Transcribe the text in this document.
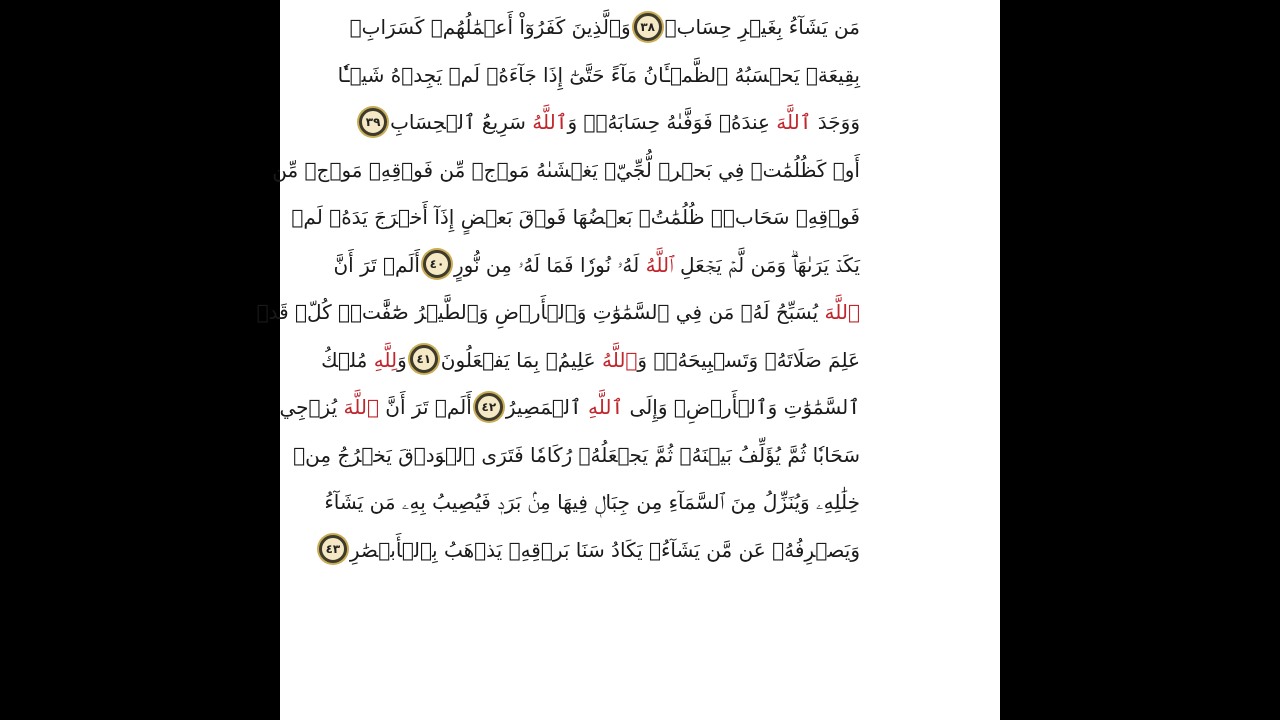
مَن يَشَآءُ بِغَيۡرِ حِسَابٖ
٣٨
وَٱلَّذِينَ كَفَرُوٓاْ أَعۡمَٰلُهُمۡ كَسَرَابِۢ
بِقِيعَةٖ يَحۡسَبُهُ ٱلظَّمۡـَٔانُ مَآءً حَتَّىٰٓ إِذَا جَآءَهُۥ لَمۡ يَجِدۡهُ شَيۡـٔٗا
وَوَجَدَ ٱللَّهَ عِندَهُۥ فَوَفَّىٰهُ حِسَابَهُۥۗ وَٱللَّهُ سَرِيعُ ٱلۡحِسَابِ
٣٩
أَوۡ كَظُلُمَٰتٖ فِي بَحۡرٖ لُّجِّيّٖ يَغۡشَىٰهُ مَوۡجٞ مِّن فَوۡقِهِۦ مَوۡجٞ مِّن
فَوۡقِهِۦ سَحَابٞۚ ظُلُمَٰتُۢ بَعۡضُهَا فَوۡقَ بَعۡضٍ إِذَآ أَخۡرَجَ يَدَهُۥ لَمۡ
يَكَدۡ يَرَىٰهَاۗ وَمَن لَّمۡ يَجۡعَلِ ٱللَّهُ لَهُۥ نُورٗا فَمَا لَهُۥ مِن نُّورٍ
٤٠
أَلَمۡ تَرَ أَنَّ
ٱللَّهَ يُسَبِّحُ لَهُۥ مَن فِي ٱلسَّمَٰوَٰتِ وَٱلۡأَرۡضِ وَٱلطَّيۡرُ صَٰٓفَّٰتٖۖ كُلّٞ قَدۡ
عَلِمَ صَلَاتَهُۥ وَتَسۡبِيحَهُۥۗ وَٱللَّهُ عَلِيمُۢ بِمَا يَفۡعَلُونَ
٤١
وَلِلَّهِ مُلۡكُ
ٱلسَّمَٰوَٰتِ وَٱلۡأَرۡضِۖ وَإِلَى ٱللَّهِ ٱلۡمَصِيرُ
٤٢
أَلَمۡ تَرَ أَنَّ ٱللَّهَ يُزۡجِي
سَحَابٗا ثُمَّ يُؤَلِّفُ بَيۡنَهُۥ ثُمَّ يَجۡعَلُهُۥ رُكَامٗا فَتَرَى ٱلۡوَدۡقَ يَخۡرُجُ مِنۡ
خِلَٰلِهِۦ وَيُنَزِّلُ مِنَ ٱلسَّمَآءِ مِن جِبَالٖ فِيهَا مِنۢ بَرَدٖ فَيُصِيبُ بِهِۦ مَن يَشَآءُ
وَيَصۡرِفُهُۥ عَن مَّن يَشَآءُۖ يَكَادُ سَنَا بَرۡقِهِۦ يَذۡهَبُ بِٱلۡأَبۡصَٰرِ
٤٣
